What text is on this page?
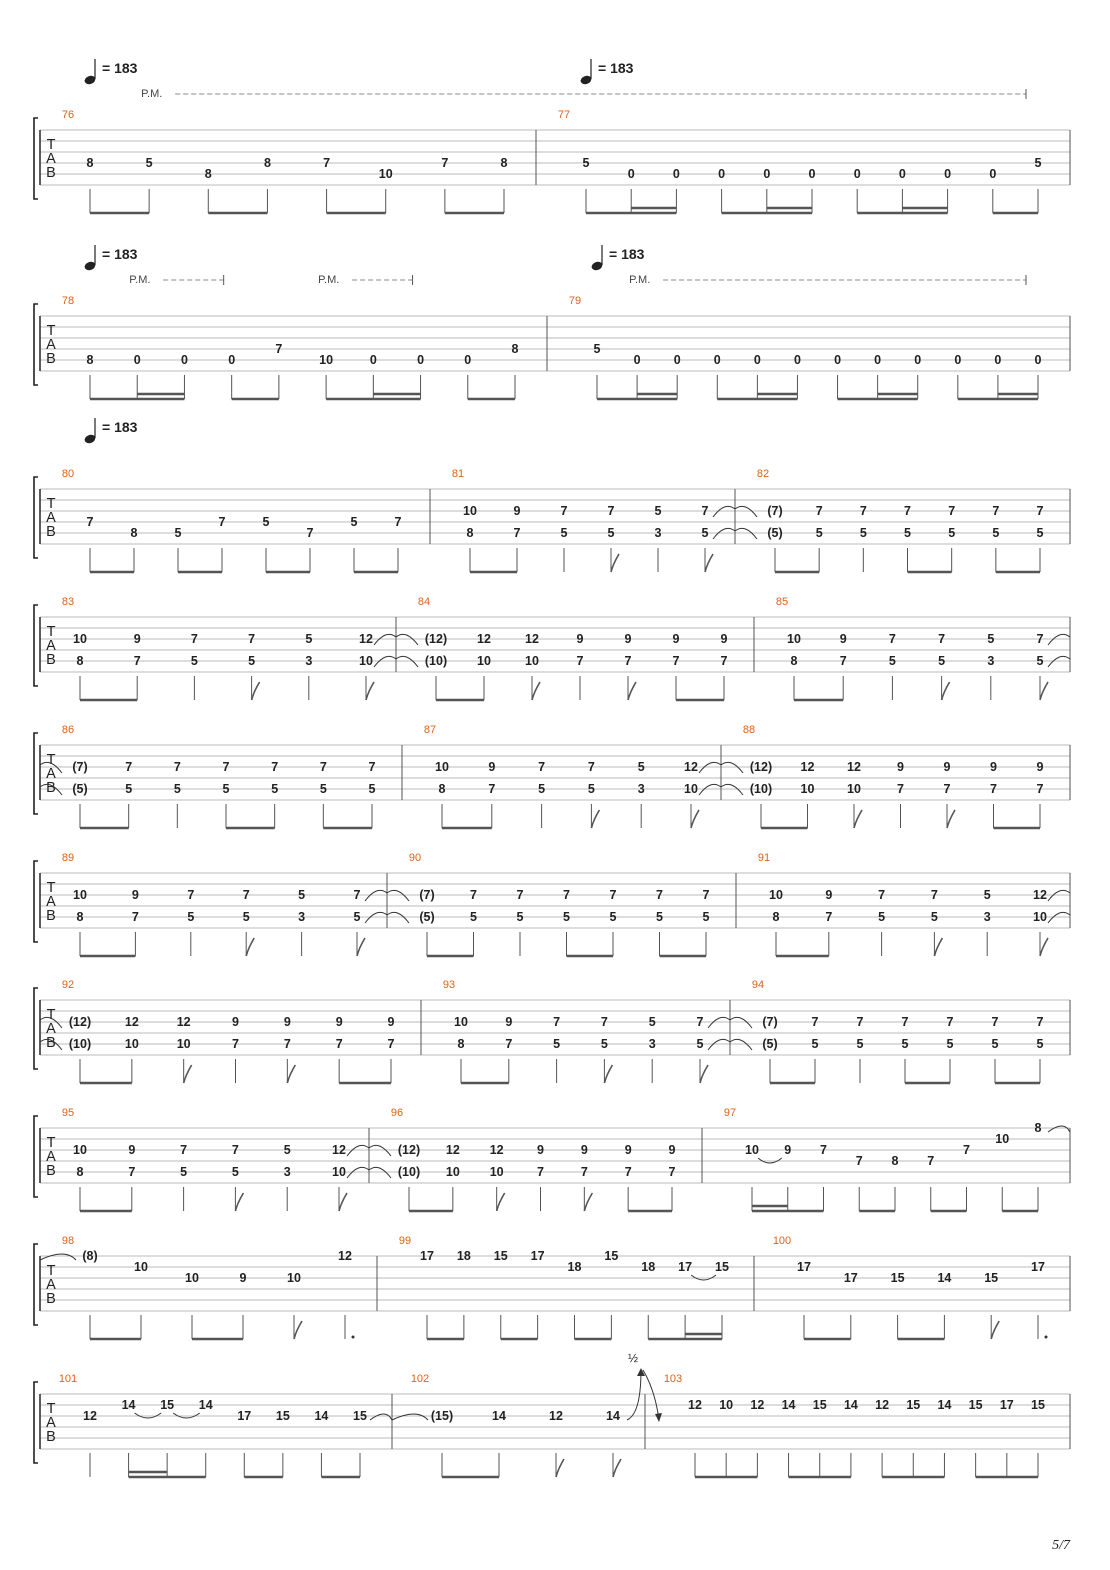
T
A
B
76
8	5
8
8	7
10
7	8
77
5
0	0	0	0	0	0	0	0	0
5
= 183	= 183
P.M.
T
A
B
78
8	0	0	0
7
10	0	0	0
8
79
5
0	0	0	0	0	0	0	0	0	0	0
= 183	= 183
P.M.	P.M.	P.M.
T
A
B
80
7
8	5
7	5
7
5	7
81
10
8
9
7
7
5
7
5
5
3
7
5
82
(7)
(5)
7
5
7
5
7
5
7
5
7
5
7
5
= 183
T
A
B
83
10
8
9
7
7
5
7
5
5
3
12
10
84
(12)
(10)
12
10
12
10
9
7
9
7
9
7
9
7
85
10
8
9
7
7
5
7
5
5
3
7
5
T
A
B
86
(7)
(5)
7
5
7
5
7
5
7
5
7
5
7
5
87
10
8
9
7
7
5
7
5
5
3
12
10
88
(12)
(10)
12
10
12
10
9
7
9
7
9
7
9
7
T
A
B
89
10
8
9
7
7
5
7
5
5
3
7
5
90
(7)
(5)
7
5
7
5
7
5
7
5
7
5
7
5
91
10
8
9
7
7
5
7
5
5
3
12
10
T
A
B
92
(12)
(10)
12
10
12
10
9
7
9
7
9
7
9
7
93
10
8
9
7
7
5
7
5
5
3
7
5
94
(7)
(5)
7
5
7
5
7
5
7
5
7
5
7
5
T
A
B
95
10
8
9
7
7
5
7
5
5
3
12
10
96
(12)
(10)
12
10
12
10
9
7
9
7
9
7
9
7
97
10 9 7
7 8 7
7
10
8
T
A
B
98
(8)
10
10	9	10
12
99
17 18 15 17
18
15
18 17 15
100
17
17	15	14	15
17
T
A
B
101
12
14 15 14
17 15 14 15
102
(15)	14	12	14
½
103
12 10 12 14 15 14 12 15 14 15 17 15
5/7
